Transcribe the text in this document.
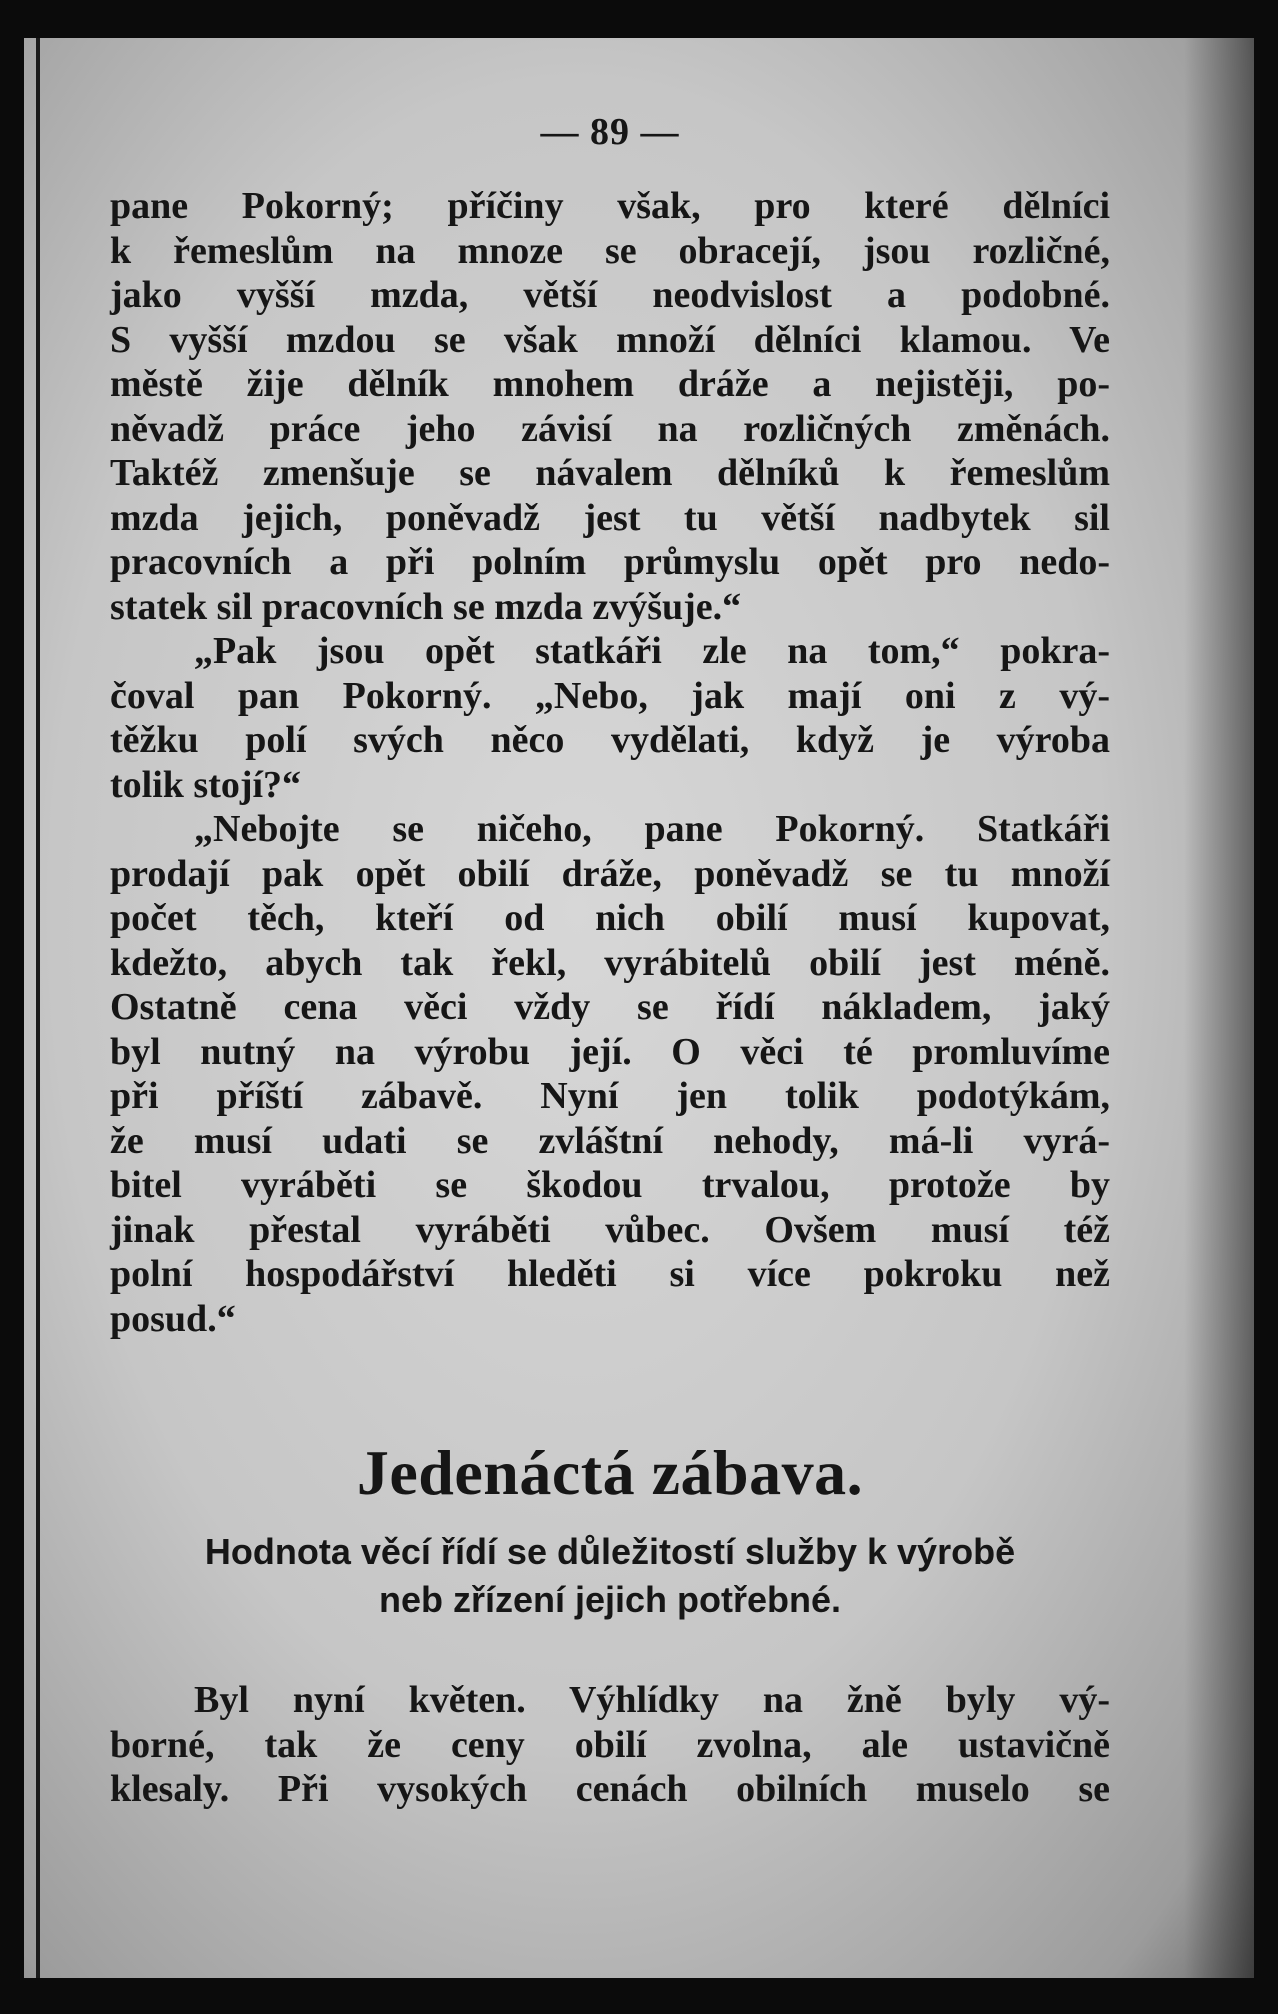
— 89 —
pane Pokorný; příčiny však, pro které dělníci
k řemeslům na mnoze se obracejí, jsou rozličné,
jako vyšší mzda, větší neodvislost a podobné.
S vyšší mzdou se však množí dělníci klamou. Ve
městě žije dělník mnohem dráže a nejistěji, po-
něvadž práce jeho závisí na rozličných změnách.
Taktéž zmenšuje se návalem dělníků k řemeslům
mzda jejich, poněvadž jest tu větší nadbytek sil
pracovních a při polním průmyslu opět pro nedo-
statek sil pracovních se mzda zvýšuje.“
„Pak jsou opět statkáři zle na tom,“ pokra-
čoval pan Pokorný. „Nebo, jak mají oni z vý-
těžku polí svých něco vydělati, když je výroba
tolik stojí?“
„Nebojte se ničeho, pane Pokorný. Statkáři
prodají pak opět obilí dráže, poněvadž se tu množí
počet těch, kteří od nich obilí musí kupovat,
kdežto, abych tak řekl, vyrábitelů obilí jest méně.
Ostatně cena věci vždy se řídí nákladem, jaký
byl nutný na výrobu její. O věci té promluvíme
při příští zábavě. Nyní jen tolik podotýkám,
že musí udati se zvláštní nehody, má-li vyrá-
bitel vyráběti se škodou trvalou, protože by
jinak přestal vyráběti vůbec. Ovšem musí též
polní hospodářství hleděti si více pokroku než
posud.“
Jedenáctá zábava.
Hodnota věcí řídí se důležitostí služby k výrobě
neb zřízení jejich potřebné.
Byl nyní květen. Výhlídky na žně byly vý-
borné, tak že ceny obilí zvolna, ale ustavičně
klesaly. Při vysokých cenách obilních muselo se
